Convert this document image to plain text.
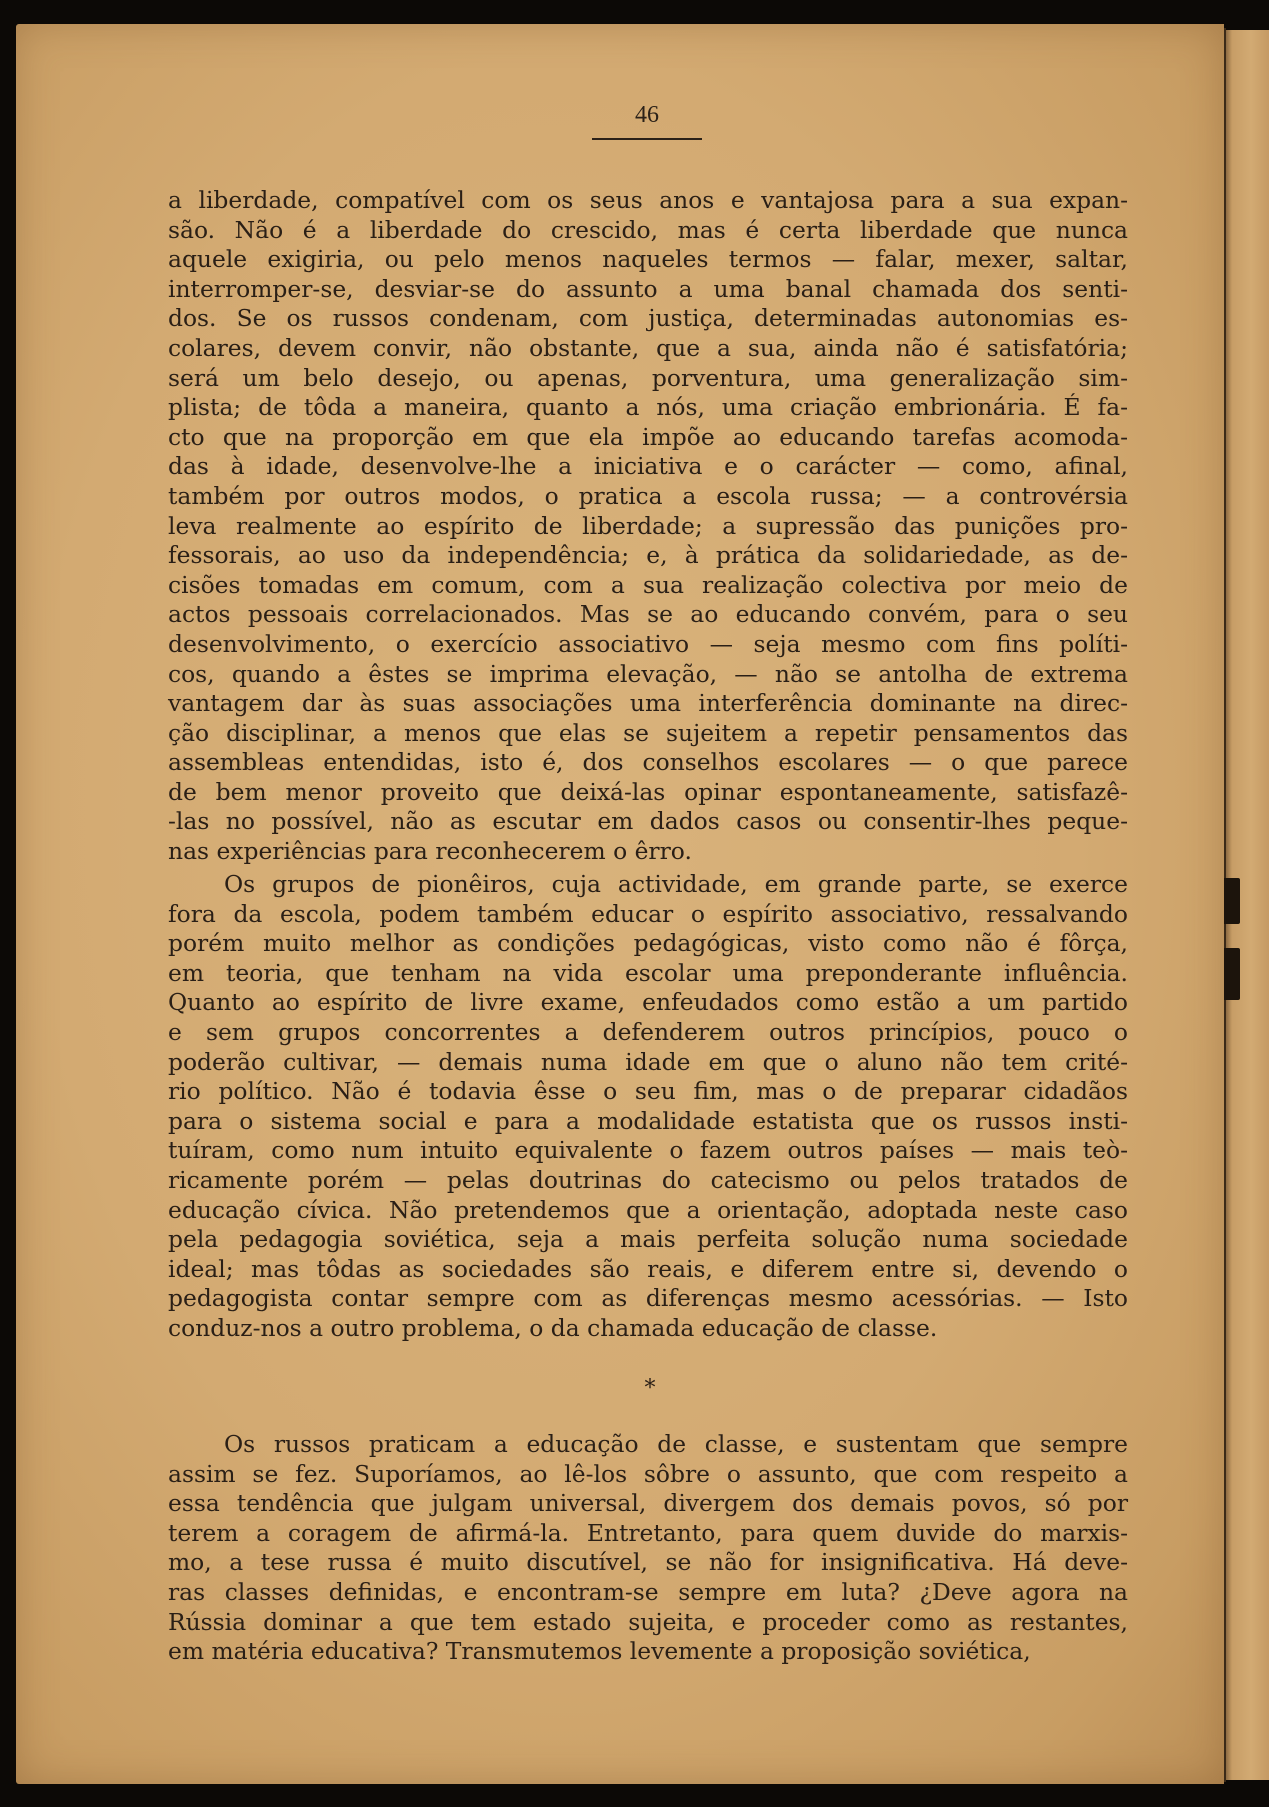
46
a liberdade, compatível com os seus anos e vantajosa para a sua expan-
são. Não é a liberdade do crescido, mas é certa liberdade que nunca
aquele exigiria, ou pelo menos naqueles termos — falar, mexer, saltar,
interromper-se, desviar-se do assunto a uma banal chamada dos senti-
dos. Se os russos condenam, com justiça, determinadas autonomias es-
colares, devem convir, não obstante, que a sua, ainda não é satisfatória;
será um belo desejo, ou apenas, porventura, uma generalização sim-
plista; de tôda a maneira, quanto a nós, uma criação embrionária. É fa-
cto que na proporção em que ela impõe ao educando tarefas acomoda-
das à idade, desenvolve-lhe a iniciativa e o carácter — como, afinal,
também por outros modos, o pratica a escola russa; — a controvérsia
leva realmente ao espírito de liberdade; a supressão das punições pro-
fessorais, ao uso da independência; e, à prática da solidariedade, as de-
cisões tomadas em comum, com a sua realização colectiva por meio de
actos pessoais correlacionados. Mas se ao educando convém, para o seu
desenvolvimento, o exercício associativo — seja mesmo com fins políti-
cos, quando a êstes se imprima elevação, — não se antolha de extrema
vantagem dar às suas associações uma interferência dominante na direc-
ção disciplinar, a menos que elas se sujeitem a repetir pensamentos das
assembleas entendidas, isto é, dos conselhos escolares — o que parece
de bem menor proveito que deixá-las opinar espontaneamente, satisfazê-
-las no possível, não as escutar em dados casos ou consentir-lhes peque-
nas experiências para reconhecerem o êrro.
Os grupos de pionêiros, cuja actividade, em grande parte, se exerce
fora da escola, podem também educar o espírito associativo, ressalvando
porém muito melhor as condições pedagógicas, visto como não é fôrça,
em teoria, que tenham na vida escolar uma preponderante influência.
Quanto ao espírito de livre exame, enfeudados como estão a um partido
e sem grupos concorrentes a defenderem outros princípios, pouco o
poderão cultivar, — demais numa idade em que o aluno não tem crité-
rio político. Não é todavia êsse o seu fim, mas o de preparar cidadãos
para o sistema social e para a modalidade estatista que os russos insti-
tuíram, como num intuito equivalente o fazem outros países — mais teò-
ricamente porém — pelas doutrinas do catecismo ou pelos tratados de
educação cívica. Não pretendemos que a orientação, adoptada neste caso
pela pedagogia soviética, seja a mais perfeita solução numa sociedade
ideal; mas tôdas as sociedades são reais, e diferem entre si, devendo o
pedagogista contar sempre com as diferenças mesmo acessórias. — Isto
conduz-nos a outro problema, o da chamada educação de classe.
*
Os russos praticam a educação de classe, e sustentam que sempre
assim se fez. Suporíamos, ao lê-los sôbre o assunto, que com respeito a
essa tendência que julgam universal, divergem dos demais povos, só por
terem a coragem de afirmá-la. Entretanto, para quem duvide do marxis-
mo, a tese russa é muito discutível, se não for insignificativa. Há deve-
ras classes definidas, e encontram-se sempre em luta? ¿Deve agora na
Rússia dominar a que tem estado sujeita, e proceder como as restantes,
em matéria educativa? Transmutemos levemente a proposição soviética,
